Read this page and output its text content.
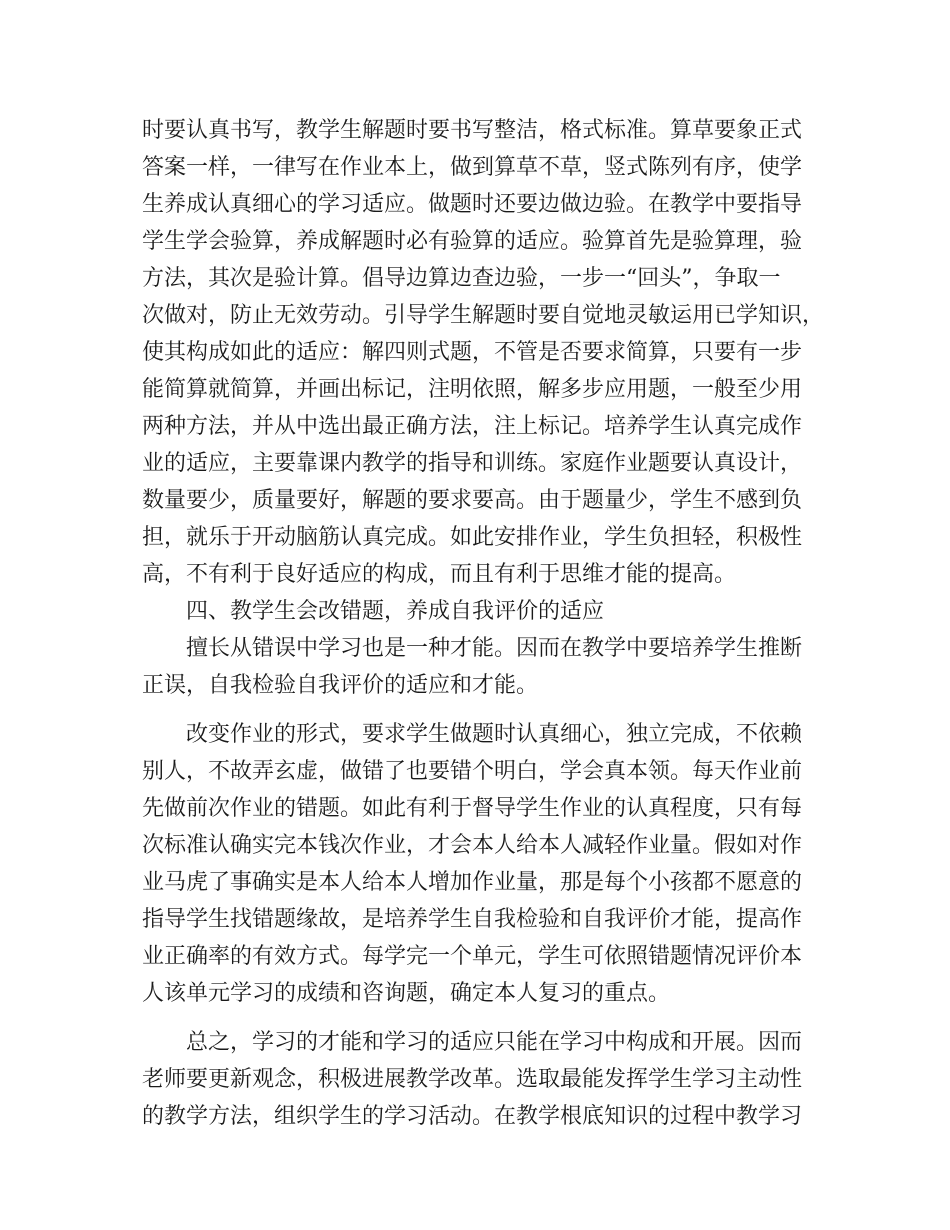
时要认真书写，教学生解题时要书写整洁，格式标准。算草要象正式
答案一样，一律写在作业本上，做到算草不草，竖式陈列有序，使学
生养成认真细心的学习适应。做题时还要边做边验。在教学中要指导
学生学会验算，养成解题时必有验算的适应。验算首先是验算理，验
方法，其次是验计算。倡导边算边查边验，一步一“回头”，争取一
次做对，防止无效劳动。引导学生解题时要自觉地灵敏运用已学知识，
使其构成如此的适应：解四则式题，不管是否要求简算，只要有一步
能简算就简算，并画出标记，注明依照，解多步应用题，一般至少用
两种方法，并从中选出最正确方法，注上标记。培养学生认真完成作
业的适应，主要靠课内教学的指导和训练。家庭作业题要认真设计，
数量要少，质量要好，解题的要求要高。由于题量少，学生不感到负
担，就乐于开动脑筋认真完成。如此安排作业，学生负担轻，积极性
高，不有利于良好适应的构成，而且有利于思维才能的提高。
四、教学生会改错题，养成自我评价的适应
擅长从错误中学习也是一种才能。因而在教学中要培养学生推断
正误，自我检验自我评价的适应和才能。
改变作业的形式，要求学生做题时认真细心，独立完成，不依赖
别人，不故弄玄虚，做错了也要错个明白，学会真本领。每天作业前
先做前次作业的错题。如此有利于督导学生作业的认真程度，只有每
次标准认确实完本钱次作业，才会本人给本人减轻作业量。假如对作
业马虎了事确实是本人给本人增加作业量，那是每个小孩都不愿意的
指导学生找错题缘故，是培养学生自我检验和自我评价才能，提高作
业正确率的有效方式。每学完一个单元，学生可依照错题情况评价本
人该单元学习的成绩和咨询题，确定本人复习的重点。
总之，学习的才能和学习的适应只能在学习中构成和开展。因而
老师要更新观念，积极进展教学改革。选取最能发挥学生学习主动性
的教学方法，组织学生的学习活动。在教学根底知识的过程中教学习
